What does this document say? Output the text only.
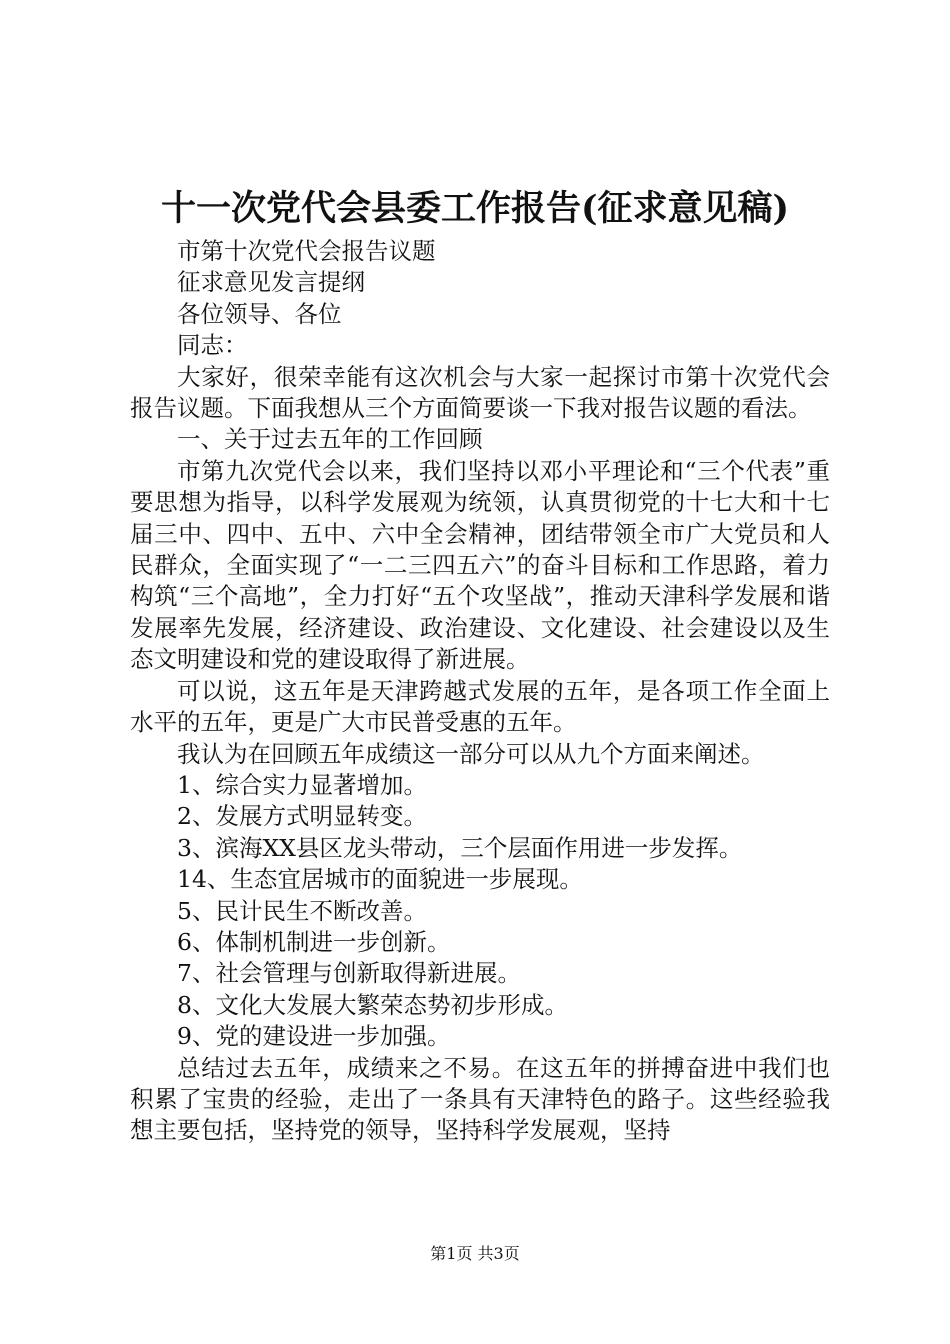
十一次党代会县委工作报告(征求意见稿)

市第十次党代会报告议题

征求意见发言提纲

各位领导、各位

同志：

大家好，很荣幸能有这次机会与大家一起探讨市第十次党代会报告议题。下面我想从三个方面简要谈一下我对报告议题的看法。

一、关于过去五年的工作回顾

市第九次党代会以来，我们坚持以邓小平理论和“三个代表”重要思想为指导，以科学发展观为统领，认真贯彻党的十七大和十七届三中、四中、五中、六中全会精神，团结带领全市广大党员和人民群众，全面实现了“一二三四五六”的奋斗目标和工作思路，着力构筑“三个高地”，全力打好“五个攻坚战”，推动天津科学发展和谐发展率先发展，经济建设、政治建设、文化建设、社会建设以及生态文明建设和党的建设取得了新进展。

可以说，这五年是天津跨越式发展的五年，是各项工作全面上水平的五年，更是广大市民普受惠的五年。

我认为在回顾五年成绩这一部分可以从九个方面来阐述。

1、综合实力显著增加。

2、发展方式明显转变。

3、滨海XX县区龙头带动，三个层面作用进一步发挥。

14、生态宜居城市的面貌进一步展现。

5、民计民生不断改善。

6、体制机制进一步创新。

7、社会管理与创新取得新进展。

8、文化大发展大繁荣态势初步形成。

9、党的建设进一步加强。

总结过去五年，成绩来之不易。在这五年的拼搏奋进中我们也积累了宝贵的经验，走出了一条具有天津特色的路子。这些经验我想主要包括，坚持党的领导，坚持科学发展观，坚持

第1页 共3页
